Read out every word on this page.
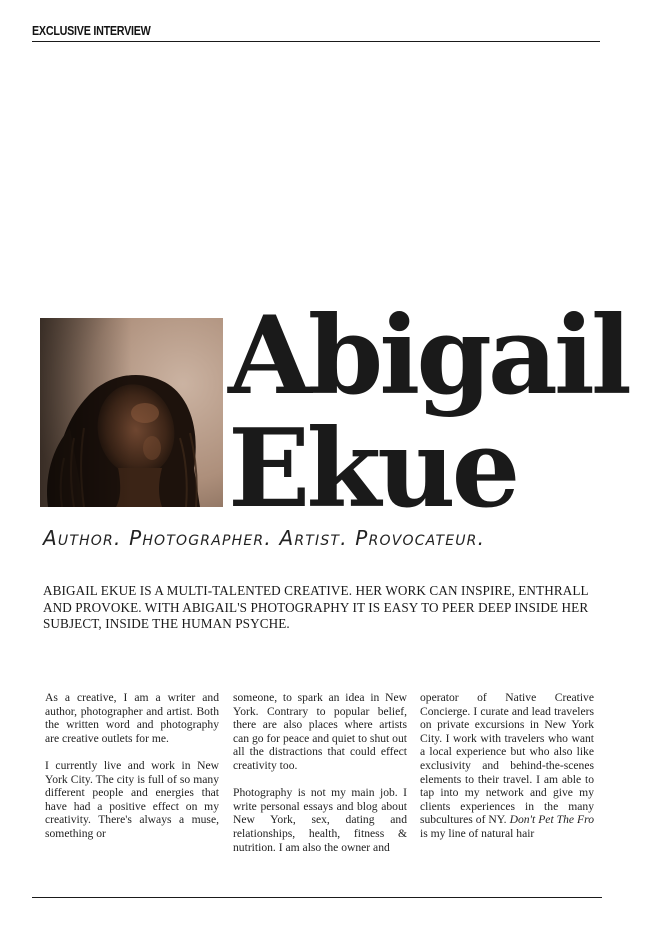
EXCLUSIVE INTERVIEW
Abigail
Ekue
Author. Photographer. Artist. Provocateur.
ABIGAIL EKUE IS A MULTI-TALENTED CREATIVE. HER WORK CAN INSPIRE, ENTHRALL AND PROVOKE. WITH ABIGAIL'S PHOTOGRAPHY IT IS EASY TO PEER DEEP INSIDE HER SUBJECT, INSIDE THE HUMAN PSYCHE.

As a creative, I am a writer and author, photographer and artist. Both the written word and photography are creative outlets for me.

I currently live and work in New York City. The city is full of so many different people and energies that have had a positive effect on my creativity. There's always a muse, something or

someone, to spark an idea in New York. Contrary to popular belief, there are also places where artists can go for peace and quiet to shut out all the distractions that could effect creativity too.

Photography is not my main job. I write personal essays and blog about New York, sex, dating and relationships, health, fitness & nutrition. I am also the owner and

operator of Native Creative Concierge. I curate and lead travelers on private excursions in New York City. I work with travelers who want a local experience but who also like exclusivity and behind-the-scenes elements to their travel. I am able to tap into my network and give my clients experiences in the many subcultures of NY. Don't Pet The Fro is my line of natural hair
